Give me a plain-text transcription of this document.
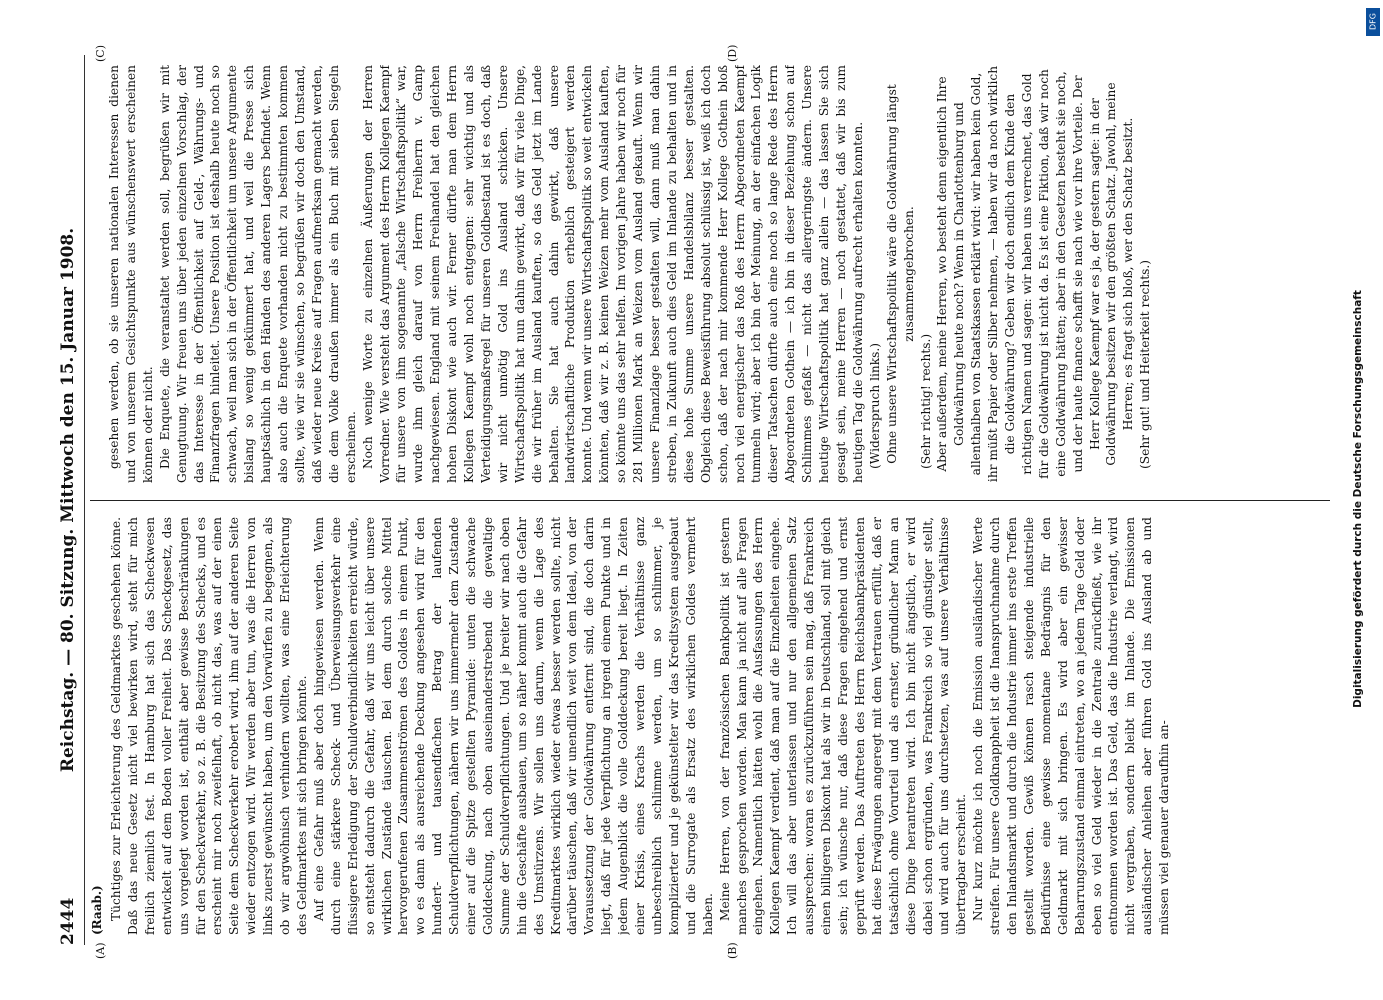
2444
Reichstag. — 80. Sitzung. Mittwoch den 15. Januar 1908.
(A)	(B)
(C)	(D)
(Raab.) Tüchtiges zur Erleichterung des Geldmarktes geschehen könne. Daß das neue Gesetz nicht viel bewirken wird, steht für mich freilich ziemlich fest. In Hamburg hat sich das Scheckwesen entwickelt auf dem Boden voller Freiheit. Das Scheckgesetz, das uns vorgelegt worden ist, enthält aber gewisse Beschränkungen für den Scheckverkehr, so z. B. die Besitzung des Schecks, und es erscheint mir noch zweifelhaft, ob nicht das, was auf der einen Seite dem Scheckverkehr erobert wird, ihm auf der anderen Seite wieder entzogen wird. Wir werden aber tun, was die Herren von links zuerst gewünscht haben, um den Vorwürfen zu begegnen, als ob wir argwöhnisch verhindern wollten, was eine Erleichterung des Geldmarktes mit sich bringen könnte. Auf eine Gefahr muß aber doch hingewiesen werden. Wenn durch eine stärkere Scheck- und Überweisungsverkehr eine flüssigere Erledigung der Schuldverbindlichkeiten erreicht würde, so entsteht dadurch die Gefahr, daß wir uns leicht über unsere wirklichen Zustände täuschen. Bei dem durch solche Mittel hervorgerufenen Zusammenströmen des Goldes in einem Punkt, wo es dann als ausreichende Deckung angesehen wird für den hundert- und tausendfachen Betrag der laufenden Schuldverpflichtungen, nähern wir uns immermehr dem Zustande einer auf die Spitze gestellten Pyramide: unten die schwache Golddeckung, nach oben auseinanderstrebend die gewaltige Summe der Schuldverpflichtungen. Und je breiter wir nach oben hin die Geschäfte ausbauen, um so näher kommt auch die Gefahr des Umstürzens. Wir sollen uns darum, wenn die Lage des Kreditmarktes wirklich wieder etwas besser werden sollte, nicht darüber täuschen, daß wir unendlich weit von dem Ideal, von der Voraussetzung der Goldwährung entfernt sind, die doch darin liegt, daß für jede Verpflichtung an irgend einem Punkte und in jedem Augenblick die volle Golddeckung bereit liegt. In Zeiten einer Krisis, eines Krachs werden die Verhältnisse ganz unbeschreiblich schlimme werden, um so schlimmer, je komplizierter und je gekünstelter wir das Kreditsystem ausgebaut und die Surrogate als Ersatz des wirklichen Goldes vermehrt haben. Meine Herren, von der französischen Bankpolitik ist gestern manches gesprochen worden. Man kann ja nicht auf alle Fragen eingehen. Namentlich hätten wohl die Ausfassungen des Herrn Kollegen Kaempf verdient, daß man auf die Einzelheiten eingehe. Ich will das aber unterlassen und nur den allgemeinen Satz aussprechen: woran es zurückzuführen sein mag, daß Frankreich einen billigeren Diskont hat als wir in Deutschland, soll mit gleich sein; ich wünsche nur, daß diese Fragen eingehend und ernst geprüft werden. Das Auftreten des Herrn Reichsbankpräsidenten hat diese Erwägungen angeregt mit dem Vertrauen erfüllt, daß er tatsächlich ohne Vorurteil und als ernster, gründlicher Mann an diese Dinge herantreten wird. Ich bin nicht ängstlich, er wird dabei schon ergründen, was Frankreich so viel günstiger stellt, und wird auch für uns durchsetzen, was auf unsere Verhältnisse übertragbar erscheint. Nur kurz möchte ich noch die Emission ausländischer Werte streifen. Für unsere Goldknappheit ist die Inanspruchnahme durch den Inlandsmarkt und durch die Industrie immer ins erste Treffen gestellt worden. Gewiß können rasch steigende industrielle Bedürfnisse eine gewisse momentane Bedrängnis für den Geldmarkt mit sich bringen. Es wird aber ein gewisser Beharrungszustand einmal eintreten, wo an jedem Tage Geld oder eben so viel Geld wieder in die Zentrale zurückfließt, wie ihr entnommen worden ist. Das Geld, das die Industrie verlangt, wird nicht vergraben, sondern bleibt im Inlande. Die Emissionen ausländischer Anleihen aber führen Gold ins Ausland ab und müssen viel genauer daraufhin an-

gesehen werden, ob sie unseren nationalen Interessen dienen und von unserem Gesichtspunkte aus wünschenswert erscheinen können oder nicht. Die Enquete, die veranstaltet werden soll, begrüßen wir mit Genugtuung. Wir freuen uns über jeden einzelnen Vorschlag, der das Interesse in der Öffentlichkeit auf Geld-, Währungs- und Finanzfragen hinleitet. Unsere Position ist deshalb heute noch so schwach, weil man sich in der Öffentlichkeit um unsere Argumente bislang so wenig gekümmert hat, und weil die Presse sich hauptsächlich in den Händen des anderen Lagers befindet. Wenn also auch die Enquete vorhanden nicht zu bestimmten kommen sollte, wie wir sie wünschen, so begrüßen wir doch den Umstand, daß wieder neue Kreise auf Fragen aufmerksam gemacht werden, die dem Volke draußen immer als ein Buch mit sieben Siegeln erscheinen. Noch wenige Worte zu einzelnen Äußerungen der Herren Vorredner. Wie versteht das Argument des Herrn Kollegen Kaempf für unsere von ihm sogenannte „falsche Wirtschaftspolitik“ war, wurde ihm gleich darauf von Herrn Freiherrn v. Gamp nachgewiesen. England mit seinem Freihandel hat den gleichen hohen Diskont wie auch wir. Ferner dürfte man dem Herrn Kollegen Kaempf wohl noch entgegnen: sehr wichtig und als Verteidigungsmaßregel für unseren Goldbestand ist es doch, daß wir nicht unnötig Gold ins Ausland schicken. Unsere Wirtschaftspolitik hat nun dahin gewirkt, daß wir für viele Dinge, die wir früher im Ausland kauften, so das Geld jetzt im Lande behalten. Sie hat auch dahin gewirkt, daß unsere landwirtschaftliche Produktion erheblich gesteigert werden konnte. Und wenn wir unsere Wirtschaftspolitik so weit entwickeln könnten, daß wir z. B. keinen Weizen mehr vom Ausland kauften, so könnte uns das sehr helfen. Im vorigen Jahre haben wir noch für 281 Millionen Mark an Weizen vom Ausland gekauft. Wenn wir unsere Finanzlage besser gestalten will, dann muß man dahin streben, in Zukunft auch dies Geld im Inlande zu behalten und in diese hohe Summe unsere Handelsbilanz besser gestalten. Obgleich diese Beweisführung absolut schlüssig ist, weiß ich doch schon, daß der nach mir kommende Herr Kollege Gothein bloß noch viel energischer das Roß des Herrn Abgeordneten Kaempf tummeln wird; aber ich bin der Meinung, an der einfachen Logik dieser Tatsachen dürfte auch eine noch so lange Rede des Herrn Abgeordneten Gothein — ich bin in dieser Beziehung schon auf Schlimmes gefaßt — nicht das allergeringste ändern. Unsere heutige Wirtschaftspolitik hat ganz allein — das lassen Sie sich gesagt sein, meine Herren — noch gestattet, daß wir bis zum heutigen Tag die Goldwährung aufrecht erhalten konnten. (Widerspruch links.) Ohne unsere Wirtschaftspolitik wäre die Goldwährung längst zusammengebrochen.

(Sehr richtig! rechts.) Aber außerdem, meine Herren, wo besteht denn eigentlich Ihre Goldwährung heute noch? Wenn in Charlottenburg und allenthalben von Staatskassen erklärt wird: wir haben kein Gold, ihr müßt Papier oder Silber nehmen, — haben wir da noch wirklich die Goldwährung? Geben wir doch endlich dem Kinde den richtigen Namen und sagen: wir haben uns verrechnet, das Gold für die Goldwährung ist nicht da. Es ist eine Fiktion, daß wir noch eine Goldwährung hätten; aber in den Gesetzen besteht sie noch, und der haute finance schafft sie nach wie vor ihre Vorteile. Der Herr Kollege Kaempf war es ja, der gestern sagte: in der Goldwährung besitzen wir den größten Schatz. Jawohl, meine Herren; es fragt sich bloß, wer den Schatz besitzt. (Sehr gut! und Heiterkeit rechts.)	Digitalisierung gefördert durch die Deutsche Forschungsgemeinschaft
DFG
